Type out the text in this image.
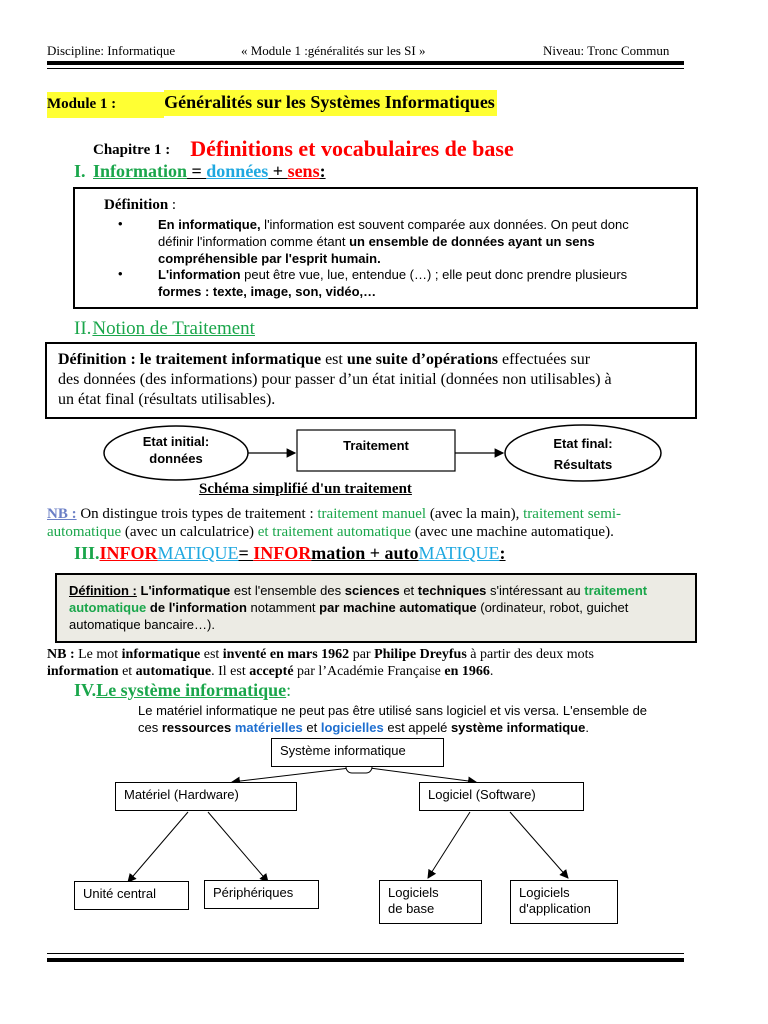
Discipline: Informatique	« Module 1 :généralités sur les SI »	Niveau: Tronc Commun
Module 1 :	Généralités sur les Systèmes Informatiques
Chapitre 1 : Définitions et vocabulaires de base
I. Information = données + sens:
Définition :
•	En informatique, l'information est souvent comparée aux données. On peut donc
définir l'information comme étant un ensemble de données ayant un sens
compréhensible par l'esprit humain.
•	L'information peut être vue, lue, entendue (…) ; elle peut donc prendre plusieurs
formes : texte, image, son, vidéo,…
II.Notion de Traitement
Définition : le traitement informatique est une suite d’opérations effectuées sur
des données (des informations) pour passer d’un état initial (données non utilisables) à
un état final (résultats utilisables).
Etat initial:
données
Traitement	Etat final:
Résultats
Schéma simplifié d'un traitement
NB : On distingue trois types de traitement : traitement manuel (avec la main), traitement semi-
automatique (avec un calculatrice) et traitement automatique (avec une machine automatique).
III.INFORMATIQUE= INFORmation + autoMATIQUE:
Définition : L'informatique est l'ensemble des sciences et techniques s'intéressant au traitement
automatique de l'information notamment par machine automatique (ordinateur, robot, guichet
automatique bancaire…).
NB : Le mot informatique est inventé en mars 1962 par Philipe Dreyfus à partir des deux mots
information et automatique. Il est accepté par l’Académie Française en 1966.
IV.Le système informatique:
Le matériel informatique ne peut pas être utilisé sans logiciel et vis versa. L'ensemble de
ces ressources matérielles et logicielles est appelé système informatique.
Système informatique
Matériel (Hardware)	Logiciel (Software)
Unité central	Périphériques	Logiciels
de base
Logiciels
d'application
